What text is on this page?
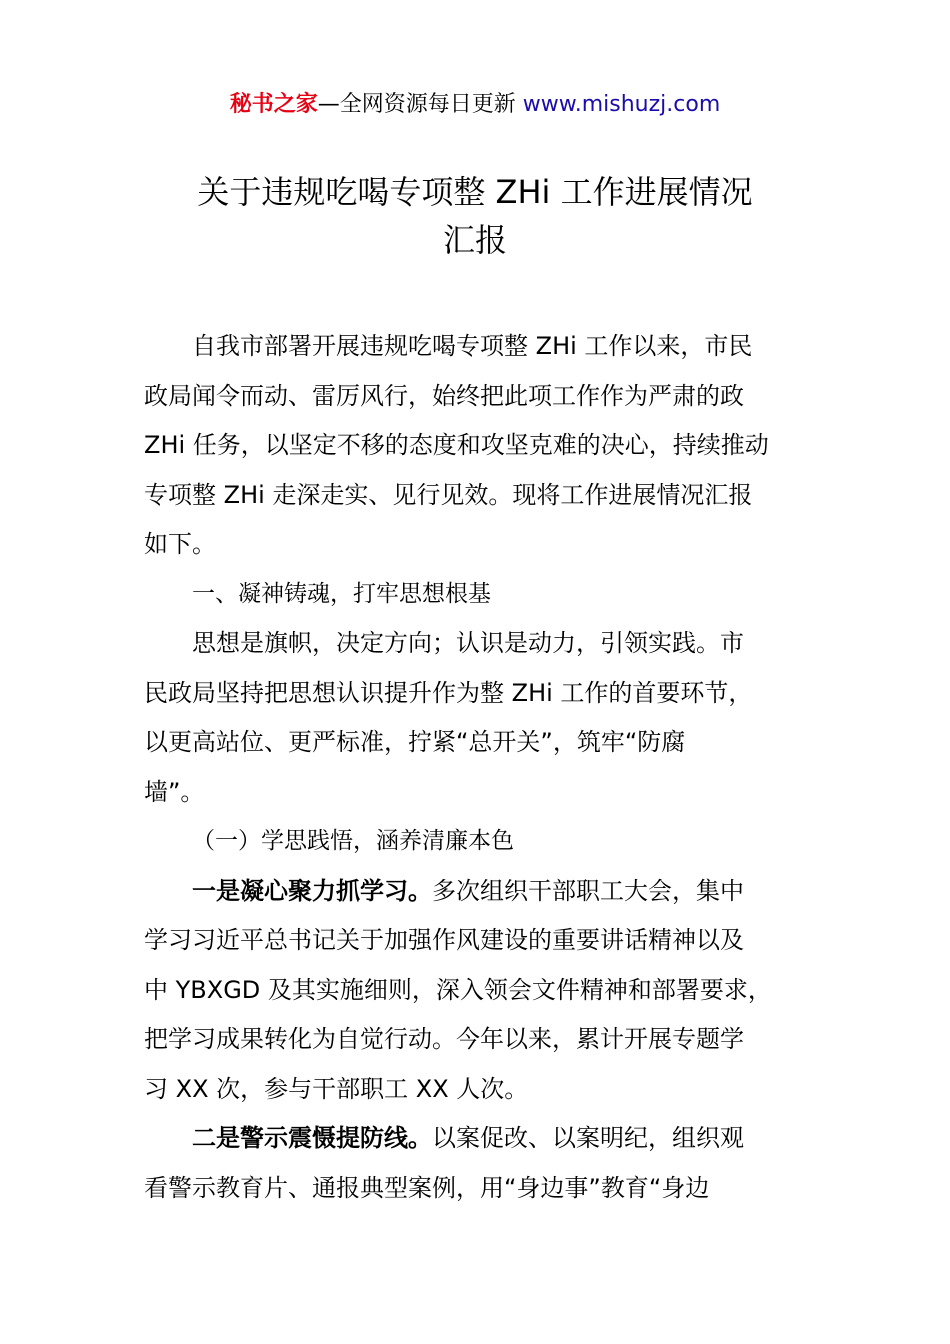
秘书之家—全网资源每日更新 www.mishuzj.com
关于违规吃喝专项整 ZHi 工作进展情况
汇报
自我市部署开展违规吃喝专项整 ZHi 工作以来，市民
政局闻令而动、雷厉风行，始终把此项工作作为严肃的政
ZHi 任务，以坚定不移的态度和攻坚克难的决心，持续推动
专项整 ZHi 走深走实、见行见效。现将工作进展情况汇报
如下。
一、凝神铸魂，打牢思想根基
思想是旗帜，决定方向；认识是动力，引领实践。市
民政局坚持把思想认识提升作为整 ZHi 工作的首要环节，
以更高站位、更严标准，拧紧“总开关”，筑牢“防腐
墙”。
（一）学思践悟，涵养清廉本色
一是凝心聚力抓学习。多次组织干部职工大会，集中
学习习近平总书记关于加强作风建设的重要讲话精神以及
中 YBXGD 及其实施细则，深入领会文件精神和部署要求，
把学习成果转化为自觉行动。今年以来，累计开展专题学
习 XX 次，参与干部职工 XX 人次。
二是警示震慑提防线。以案促改、以案明纪，组织观
看警示教育片、通报典型案例，用“身边事”教育“身边
